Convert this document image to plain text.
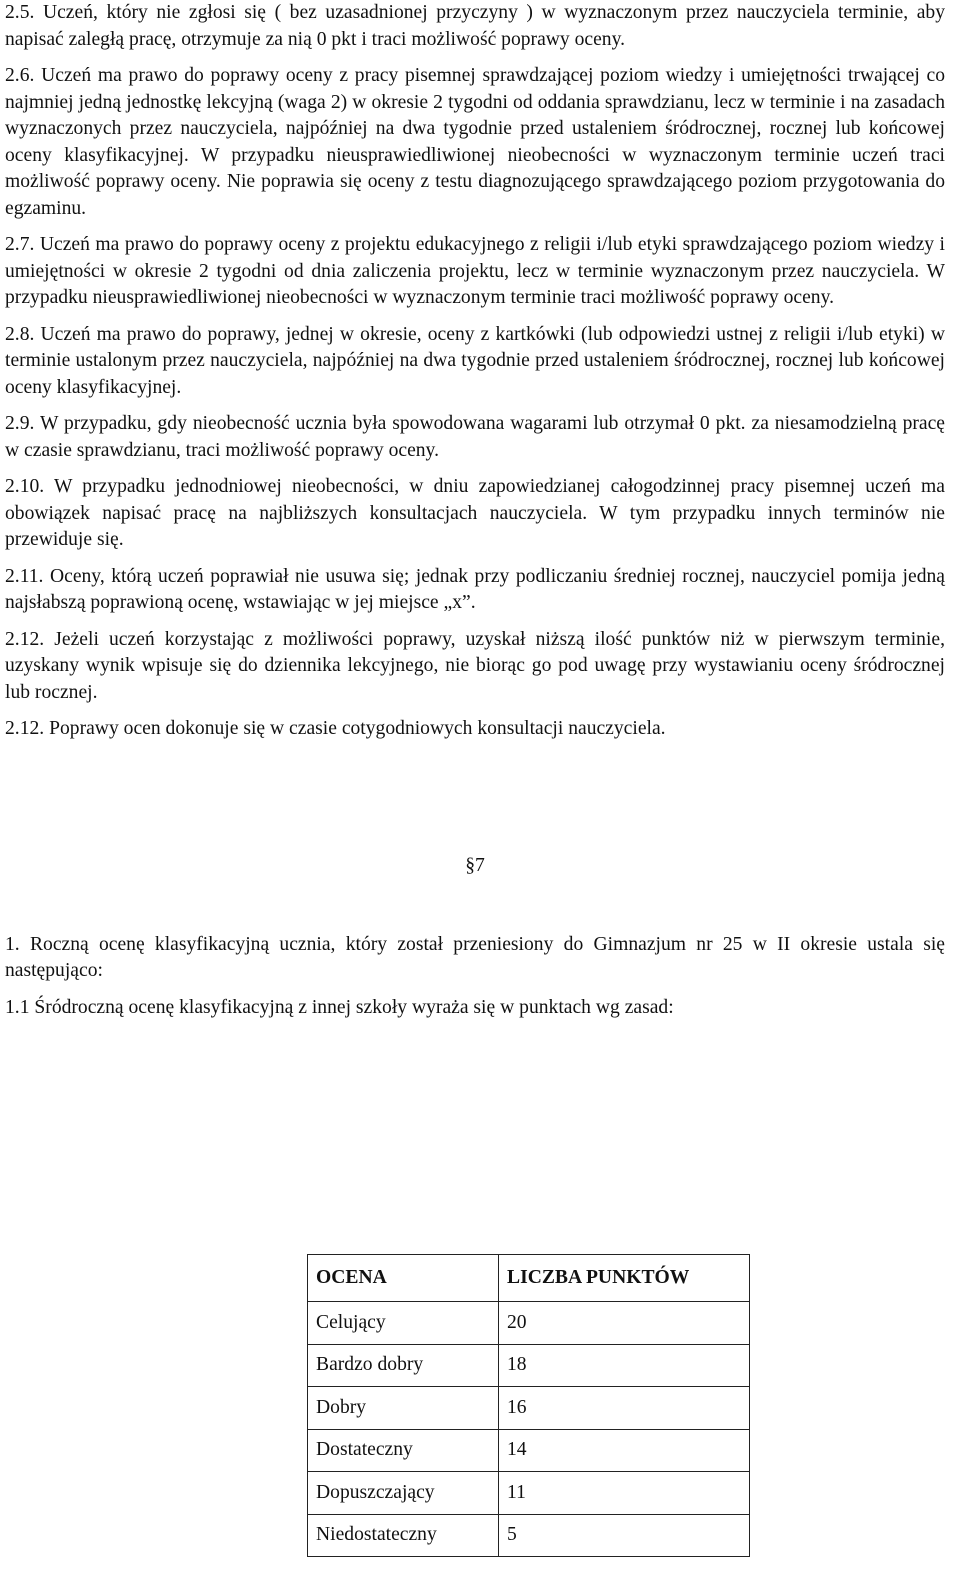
2.5. Uczeń, który nie zgłosi się ( bez uzasadnionej przyczyny ) w wyznaczonym przez nauczyciela terminie, aby napisać zaległą pracę, otrzymuje za nią 0 pkt i traci możliwość poprawy oceny.

2.6. Uczeń ma prawo do poprawy oceny z pracy pisemnej sprawdzającej poziom wiedzy i umiejętności trwającej co najmniej jedną jednostkę lekcyjną (waga 2) w okresie 2 tygodni od oddania sprawdzianu, lecz w terminie i na zasadach wyznaczonych przez nauczyciela, najpóźniej na dwa tygodnie przed ustaleniem śródrocznej, rocznej lub końcowej oceny klasyfikacyjnej. W przypadku nieusprawiedliwionej nieobecności w wyznaczonym terminie uczeń traci możliwość poprawy oceny. Nie poprawia się oceny z testu diagnozującego sprawdzającego poziom przygotowania do egzaminu.

2.7. Uczeń ma prawo do poprawy oceny z projektu edukacyjnego z religii i/lub etyki sprawdzającego poziom wiedzy i umiejętności w okresie 2 tygodni od dnia zaliczenia projektu, lecz w terminie wyznaczonym przez nauczyciela. W przypadku nieusprawiedliwionej nieobecności w wyznaczonym terminie traci możliwość poprawy oceny.

2.8. Uczeń ma prawo do poprawy, jednej w okresie, oceny z kartkówki (lub odpowiedzi ustnej z religii i/lub etyki) w terminie ustalonym przez nauczyciela, najpóźniej na dwa tygodnie przed ustaleniem śródrocznej, rocznej lub końcowej oceny klasyfikacyjnej.

2.9. W przypadku, gdy nieobecność ucznia była spowodowana wagarami lub otrzymał 0 pkt. za niesamodzielną pracę w czasie sprawdzianu, traci możliwość poprawy oceny.

2.10. W przypadku jednodniowej nieobecności, w dniu zapowiedzianej całogodzinnej pracy pisemnej uczeń ma obowiązek napisać pracę na najbliższych konsultacjach nauczyciela. W tym przypadku innych terminów nie przewiduje się.

2.11. Oceny, którą uczeń poprawiał nie usuwa się; jednak przy podliczaniu średniej rocznej, nauczyciel pomija jedną najsłabszą poprawioną ocenę, wstawiając w jej miejsce „x”.

2.12. Jeżeli uczeń korzystając z możliwości poprawy, uzyskał niższą ilość punktów niż w pierwszym terminie, uzyskany wynik wpisuje się do dziennika lekcyjnego, nie biorąc go pod uwagę przy wystawianiu oceny śródrocznej lub rocznej.

2.12. Poprawy ocen dokonuje się w czasie cotygodniowych konsultacji nauczyciela.

§7

1. Roczną ocenę klasyfikacyjną ucznia, który został przeniesiony do Gimnazjum nr 25 w II okresie ustala się następująco:

1.1 Śródroczną ocenę klasyfikacyjną z innej szkoły wyraża się w punktach wg zasad:

OCENA	LICZBA PUNKTÓW
Celujący	20
Bardzo dobry	18
Dobry	16
Dostateczny	14
Dopuszczający	11
Niedostateczny	5
